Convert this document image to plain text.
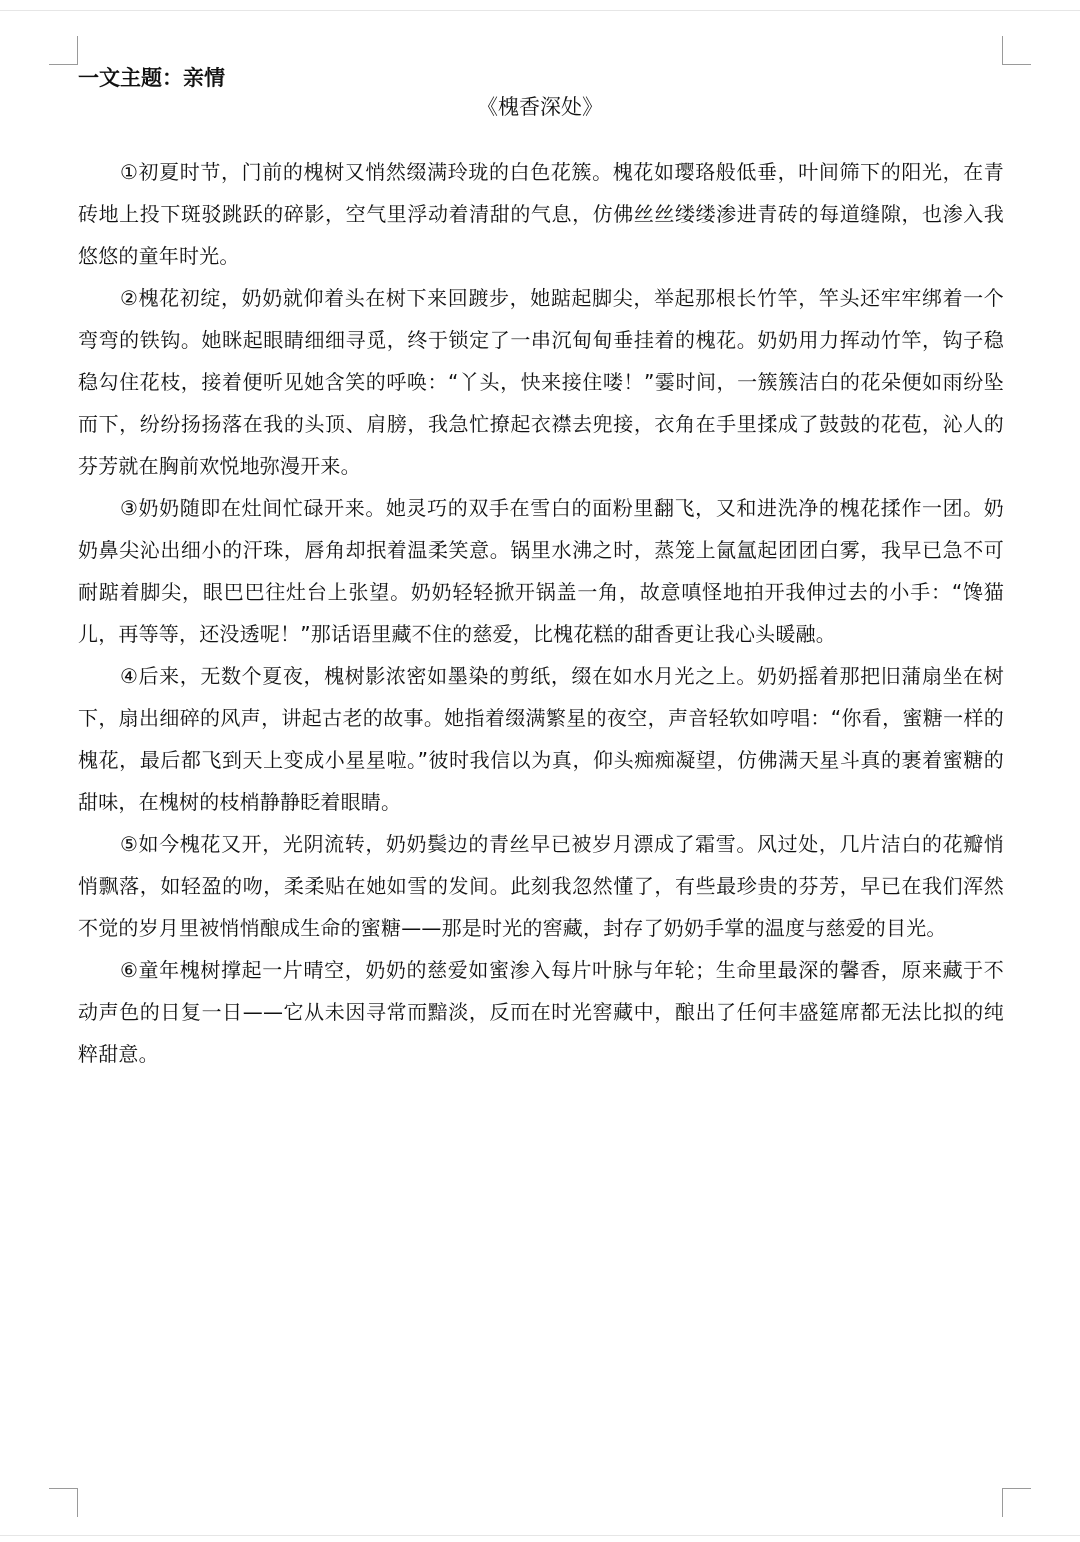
一文主题：亲情
《槐香深处》

①初夏时节，门前的槐树又悄然缀满玲珑的白色花簇。槐花如璎珞般低垂，叶间筛下的阳光，在青砖地上投下斑驳跳跃的碎影，空气里浮动着清甜的气息，仿佛丝丝缕缕渗进青砖的每道缝隙，也渗入我悠悠的童年时光。

②槐花初绽，奶奶就仰着头在树下来回踱步，她踮起脚尖，举起那根长竹竿，竿头还牢牢绑着一个弯弯的铁钩。她眯起眼睛细细寻觅，终于锁定了一串沉甸甸垂挂着的槐花。奶奶用力挥动竹竿，钩子稳稳勾住花枝，接着便听见她含笑的呼唤：“丫头，快来接住喽！”霎时间，一簇簇洁白的花朵便如雨纷坠而下，纷纷扬扬落在我的头顶、肩膀，我急忙撩起衣襟去兜接，衣角在手里揉成了鼓鼓的花苞，沁人的芬芳就在胸前欢悦地弥漫开来。

③奶奶随即在灶间忙碌开来。她灵巧的双手在雪白的面粉里翻飞，又和进洗净的槐花揉作一团。奶奶鼻尖沁出细小的汗珠，唇角却抿着温柔笑意。锅里水沸之时，蒸笼上氤氲起团团白雾，我早已急不可耐踮着脚尖，眼巴巴往灶台上张望。奶奶轻轻掀开锅盖一角，故意嗔怪地拍开我伸过去的小手：“馋猫儿，再等等，还没透呢！”那话语里藏不住的慈爱，比槐花糕的甜香更让我心头暖融。

④后来，无数个夏夜，槐树影浓密如墨染的剪纸，缀在如水月光之上。奶奶摇着那把旧蒲扇坐在树下，扇出细碎的风声，讲起古老的故事。她指着缀满繁星的夜空，声音轻软如哼唱：“你看，蜜糖一样的槐花，最后都飞到天上变成小星星啦。”彼时我信以为真，仰头痴痴凝望，仿佛满天星斗真的裹着蜜糖的甜味，在槐树的枝梢静静眨着眼睛。

⑤如今槐花又开，光阴流转，奶奶鬓边的青丝早已被岁月漂成了霜雪。风过处，几片洁白的花瓣悄悄飘落，如轻盈的吻，柔柔贴在她如雪的发间。此刻我忽然懂了，有些最珍贵的芬芳，早已在我们浑然不觉的岁月里被悄悄酿成生命的蜜糖——那是时光的窖藏，封存了奶奶手掌的温度与慈爱的目光。

⑥童年槐树撑起一片晴空，奶奶的慈爱如蜜渗入每片叶脉与年轮；生命里最深的馨香，原来藏于不动声色的日复一日——它从未因寻常而黯淡，反而在时光窖藏中，酿出了任何丰盛筵席都无法比拟的纯粹甜意。
